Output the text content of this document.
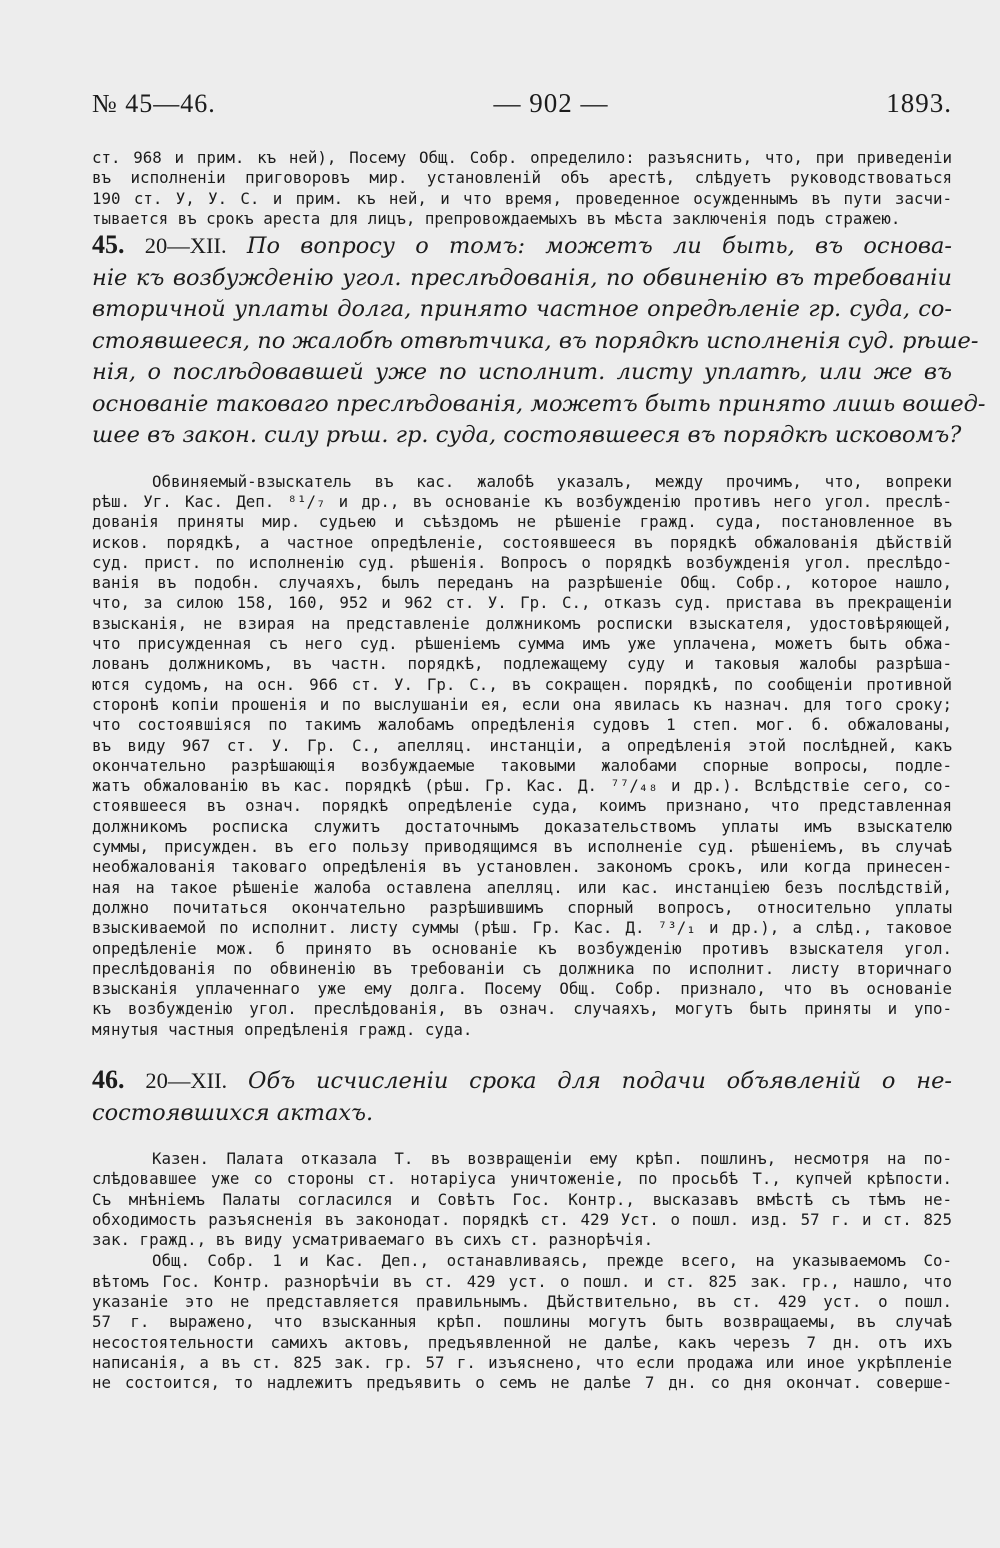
№ 45—46.	— 902 —	1893.
ст. 968 и прим. къ ней), Посему Общ. Собр. определило: разъяснить, что, при приведеніи
въ исполненіи приговоровъ мир. установленій объ арестѣ, слѣдуетъ руководствоваться
190 ст. У, У. С. и прим. къ ней, и что время, проведенное осужденнымъ въ пути засчи-
тывается въ срокъ ареста для лицъ, препровождаемыхъ въ мѣста заключенія подъ стражею.
45. 20—XII. По вопросу о томъ: можетъ ли быть, въ основа-
ніе къ возбужденію угол. преслѣдованія, по обвиненію въ требованіи
вторичной уплаты долга, принято частное опредѣленіе гр. суда, со-
стоявшееся, по жалобѣ отвѣтчика, въ порядкѣ исполненія суд. рѣше-
нія, о послѣдовавшей уже по исполнит. листу уплатѣ, или же въ
основаніе таковаго преслѣдованія, можетъ быть принято лишь вошед-
шее въ закон. силу рѣш. гр. суда, состоявшееся въ порядкѣ исковомъ?
Обвиняемый-взыскатель въ кас. жалобѣ указалъ, между прочимъ, что, вопреки
рѣш. Уг. Кас. Деп. ⁸¹/₇ и др., въ основаніе къ возбужденію противъ него угол. преслѣ-
дованія приняты мир. судьею и съѣздомъ не рѣшеніе гражд. суда, постановленное въ
исков. порядкѣ, а частное опредѣленіе, состоявшееся въ порядкѣ обжалованія дѣйствій
суд. прист. по исполненію суд. рѣшенія. Вопросъ о порядкѣ возбужденія угол. преслѣдо-
ванія въ подобн. случаяхъ, былъ переданъ на разрѣшеніе Общ. Собр., которое нашло,
что, за силою 158, 160, 952 и 962 ст. У. Гр. С., отказъ суд. пристава въ прекращеніи
взысканія, не взирая на представленіе должникомъ росписки взыскателя, удостовѣряющей,
что присужденная съ него суд. рѣшеніемъ сумма имъ уже уплачена, можетъ быть обжа-
лованъ должникомъ, въ частн. порядкѣ, подлежащему суду и таковыя жалобы разрѣша-
ются судомъ, на осн. 966 ст. У. Гр. С., въ сокращен. порядкѣ, по сообщеніи противной
сторонѣ копіи прошенія и по выслушаніи ея, если она явилась къ назнач. для того сроку;
что состоявшіяся по такимъ жалобамъ опредѣленія судовъ 1 степ. мог. б. обжалованы,
въ виду 967 ст. У. Гр. С., апелляц. инстанціи, а опредѣленія этой послѣдней, какъ
окончательно разрѣшающія возбуждаемые таковыми жалобами спорные вопросы, подле-
жатъ обжалованію въ кас. порядкѣ (рѣш. Гр. Кас. Д. ⁷⁷/₄₈ и др.). Вслѣдствіе сего, со-
стоявшееся въ означ. порядкѣ опредѣленіе суда, коимъ признано, что представленная
должникомъ росписка служитъ достаточнымъ доказательствомъ уплаты имъ взыскателю
суммы, присужден. въ его пользу приводящимся въ исполненіе суд. рѣшеніемъ, въ случаѣ
необжалованія таковаго опредѣленія въ установлен. закономъ срокъ, или когда принесен-
ная на такое рѣшеніе жалоба оставлена апелляц. или кас. инстанціею безъ послѣдствій,
должно почитаться окончательно разрѣшившимъ спорный вопросъ, относительно уплаты
взыскиваемой по исполнит. листу суммы (рѣш. Гр. Кас. Д. ⁷³/₁ и др.), а слѣд., таковое
опредѣленіе мож. б принято въ основаніе къ возбужденію противъ взыскателя угол.
преслѣдованія по обвиненію въ требованіи съ должника по исполнит. листу вторичнаго
взысканія уплаченнаго уже ему долга. Посему Общ. Собр. признало, что въ основаніе
къ возбужденію угол. преслѣдованія, въ означ. случаяхъ, могутъ быть приняты и упо-
мянутыя частныя опредѣленія гражд. суда.
46. 20—XII. Объ исчисленіи срока для подачи объявленій о не-
состоявшихся актахъ.
Казен. Палата отказала Т. въ возвращеніи ему крѣп. пошлинъ, несмотря на по-
слѣдовавшее уже со стороны ст. нотаріуса уничтоженіе, по просьбѣ Т., купчей крѣпости.
Съ мнѣніемъ Палаты согласился и Совѣтъ Гос. Контр., высказавъ вмѣстѣ съ тѣмъ не-
обходимость разъясненія въ законодат. порядкѣ ст. 429 Уст. о пошл. изд. 57 г. и ст. 825
зак. гражд., въ виду усматриваемаго въ сихъ ст. разнорѣчія.
Общ. Собр. 1 и Кас. Деп., останавливаясь, прежде всего, на указываемомъ Со-
вѣтомъ Гос. Контр. разнорѣчіи въ ст. 429 уст. о пошл. и ст. 825 зак. гр., нашло, что
указаніе это не представляется правильнымъ. Дѣйствительно, въ ст. 429 уст. о пошл.
57 г. выражено, что взысканныя крѣп. пошлины могутъ быть возвращаемы, въ случаѣ
несостоятельности самихъ актовъ, предъявленной не далѣе, какъ черезъ 7 дн. отъ ихъ
написанія, а въ ст. 825 зак. гр. 57 г. изъяснено, что если продажа или иное укрѣпленіе
не состоится, то надлежитъ предъявить о семъ не далѣе 7 дн. со дня окончат. соверше-
